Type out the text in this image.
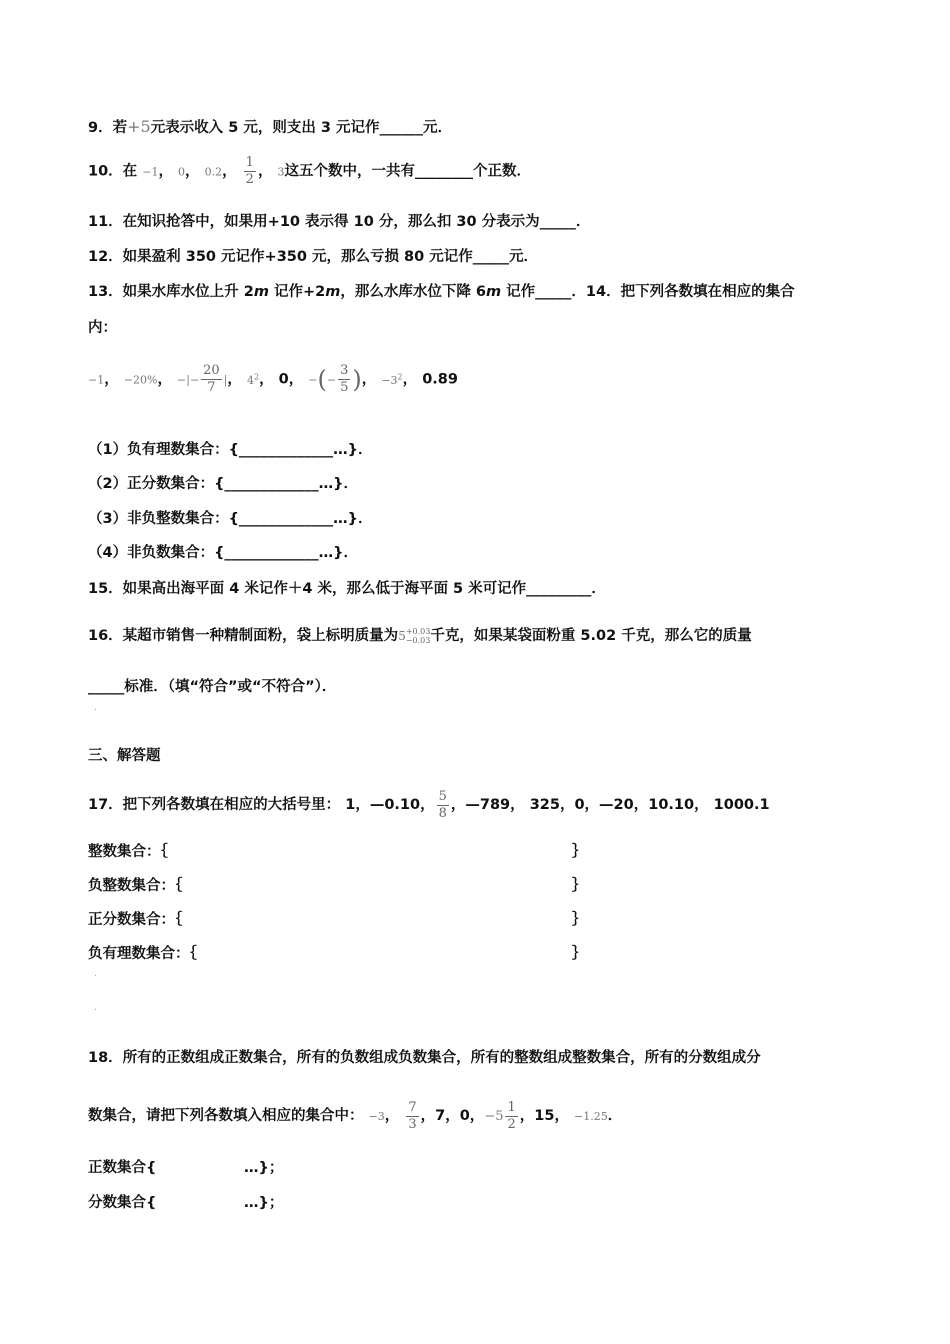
9．若+5元表示收入 5 元，则支出 3 元记作______元．
10．在 −1， 0， 0.2， $\frac{1}{2}$ ， 3这五个数中，一共有________个正数．
11．在知识抢答中，如果用+10 表示得 10 分，那么扣 30 分表示为_____．
12．如果盈利 350 元记作+350 元，那么亏损 80 元记作_____元．
13．如果水库水位上升 2m 记作+2m，那么水库水位下降 6m 记作_____．14．把下列各数填在相应的集合
内：
−1， −20%， −|− $\frac{20}{7}$ |， $4^2$， 0， −(− $\frac{3}{5}$ )， $-3^2$， 0.89
（1）负有理数集合：{_____________…}．
（2）正分数集合：{_____________…}．
（3）非负整数集合：{_____________…}．
（4）非负数集合：{_____________…}．
15．如果高出海平面 4 米记作＋4 米，那么低于海平面 5 米可记作_________．
16．某超市销售一种精制面粉，袋上标明质量为5 +0.03
−0.03 千克，如果某袋面粉重 5.02 千克，那么它的质量
_____标准．（填“符合”或“不符合”）．
.
三、解答题
17．把下列各数填在相应的大括号里： 1，—0.10， $\frac{5}{8}$ ，—789， 325，0，—20，10.10， 1000.1
整数集合：｛	｝
负整数集合：｛	｝
正分数集合：｛	｝
负有理数集合：｛	｝
.
.
18．所有的正数组成正数集合，所有的负数组成负数集合，所有的整数组成整数集合，所有的分数组成分
数集合，请把下列各数填入相应的集合中： −3， $\frac{7}{3}$ ，7，0，$-5 \frac{1}{2}$ ，15， −1.25．
正数集合{	…}；
分数集合{	…}；
